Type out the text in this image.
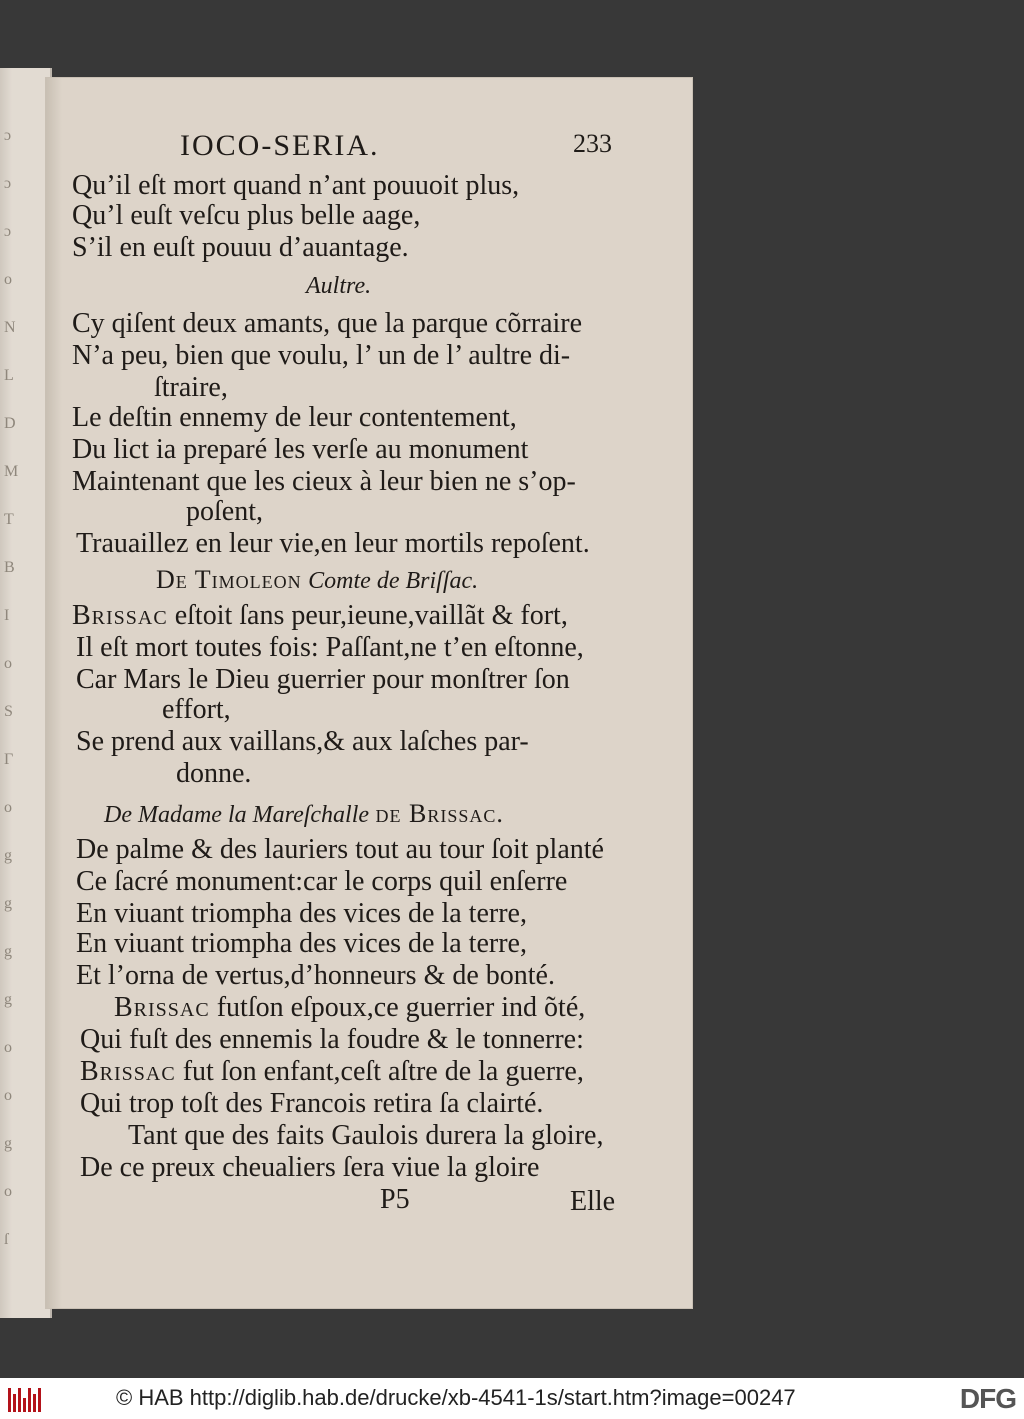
ɔ
ɔ
ɔ
o
N
L
D
M
T
B
I
o
S
Γ
o
g
g
g
g
o
o
g
o
ſ
IOCO-SERIA.	233
Qu’il eſt mort quand n’ant pouuoit plus,
Qu’l euſt veſcu plus belle aage,
S’il en euſt pouuu d’auantage.
Aultre.
Cy qiſent deux amants, que la parque cõrraire
N’a peu, bien que voulu, l’ un de l’ aultre di-
ſtraire,
Le deſtin ennemy de leur contentement,
Du lict ia preparé les verſe au monument
Maintenant que les cieux à leur bien ne s’op-
poſent,
Trauaillez en leur vie,en leur mortils repoſent.
De Timoleon Comte de Briſſac.
Brissac eſtoit ſans peur,ieune,vaillãt & fort,
Il eſt mort toutes fois: Paſſant,ne t’en eſtonne,
Car Mars le Dieu guerrier pour monſtrer ſon
effort,
Se prend aux vaillans,& aux laſches par-
donne.
De Madame la Mareſchalle de Brissac.
De palme & des lauriers tout au tour ſoit planté
Ce ſacré monument:car le corps quil enſerre
En viuant triompha des vices de la terre,
En viuant triompha des vices de la terre,
Et l’orna de vertus,d’honneurs & de bonté.
Brissac futſon eſpoux,ce guerrier ind õté,
Qui fuſt des ennemis la foudre & le tonnerre:
Brissac fut ſon enfant,ceſt aſtre de la guerre,
Qui trop toſt des Francois retira ſa clairté.
Tant que des faits Gaulois durera la gloire,
De ce preux cheualiers ſera viue la gloire
P5	Elle
© HAB http://diglib.hab.de/drucke/xb-4541-1s/start.htm?image=00247	DFG
